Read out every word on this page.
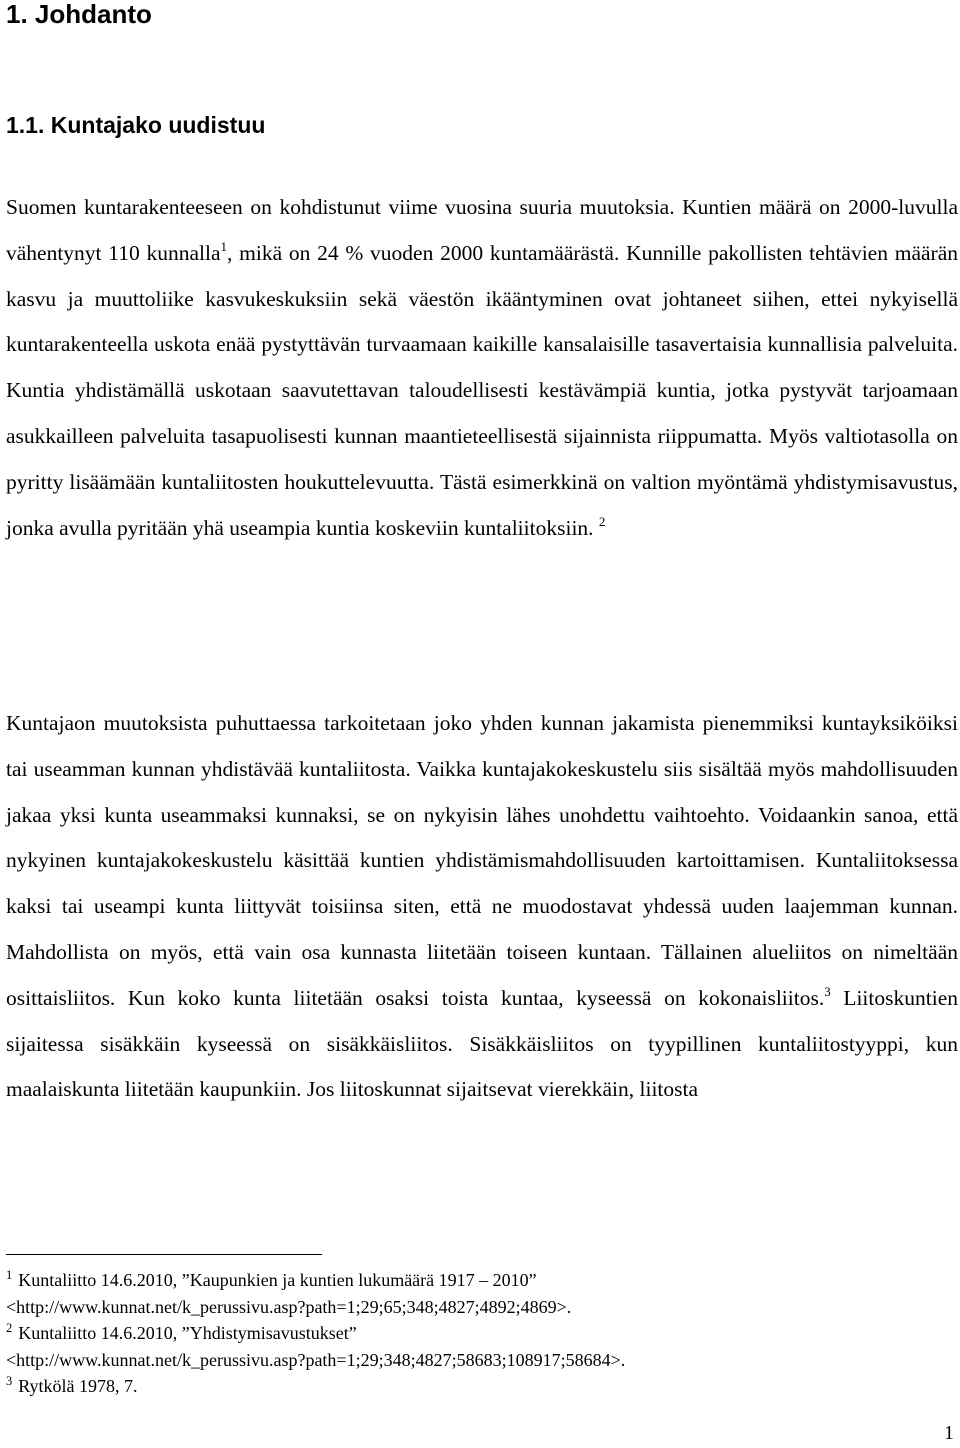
1. Johdanto
1.1. Kuntajako uudistuu

Suomen kuntarakenteeseen on kohdistunut viime vuosina suuria muutoksia. Kuntien määrä on 2000-luvulla vähentynyt 110 kunnalla$^1$, mikä on 24 % vuoden 2000 kuntamäärästä. Kunnille pakollisten tehtävien määrän kasvu ja muuttoliike kasvukeskuksiin sekä väestön ikääntyminen ovat johtaneet siihen, ettei nykyisellä kuntarakenteella uskota enää pystyttävän turvaamaan kaikille kansalaisille tasavertaisia kunnallisia palveluita. Kuntia yhdistämällä uskotaan saavutettavan taloudellisesti kestävämpiä kuntia, jotka pystyvät tarjoamaan asukkailleen palveluita tasapuolisesti kunnan maantieteellisestä sijainnista riippumatta. Myös valtiotasolla on pyritty lisäämään kuntaliitosten houkuttelevuutta. Tästä esimerkkinä on valtion myöntämä yhdistymisavustus, jonka avulla pyritään yhä useampia kuntia koskeviin kuntaliitoksiin. $^2$

Kuntajaon muutoksista puhuttaessa tarkoitetaan joko yhden kunnan jakamista pienemmiksi kuntayksiköiksi tai useamman kunnan yhdistävää kuntaliitosta. Vaikka kuntajakokeskustelu siis sisältää myös mahdollisuuden jakaa yksi kunta useammaksi kunnaksi, se on nykyisin lähes unohdettu vaihtoehto. Voidaankin sanoa, että nykyinen kuntajakokeskustelu käsittää kuntien yhdistämismahdollisuuden kartoittamisen. Kuntaliitoksessa kaksi tai useampi kunta liittyvät toisiinsa siten, että ne muodostavat yhdessä uuden laajemman kunnan. Mahdollista on myös, että vain osa kunnasta liitetään toiseen kuntaan. Tällainen alueliitos on nimeltään osittaisliitos. Kun koko kunta liitetään osaksi toista kuntaa, kyseessä on kokonaisliitos.$^3$ Liitoskuntien sijaitessa sisäkkäin kyseessä on sisäkkäisliitos. Sisäkkäisliitos on tyypillinen kuntaliitostyyppi, kun maalaiskunta liitetään kaupunkiin. Jos liitoskunnat sijaitsevat vierekkäin, liitosta

$^1$ Kuntaliitto 14.6.2010, ”Kaupunkien ja kuntien lukumäärä 1917 – 2010”

<http://www.kunnat.net/k_perussivu.asp?path=1;29;65;348;4827;4892;4869>.

$^2$ Kuntaliitto 14.6.2010, ”Yhdistymisavustukset”

<http://www.kunnat.net/k_perussivu.asp?path=1;29;348;4827;58683;108917;58684>.

$^3$ Rytkölä 1978, 7.

1
